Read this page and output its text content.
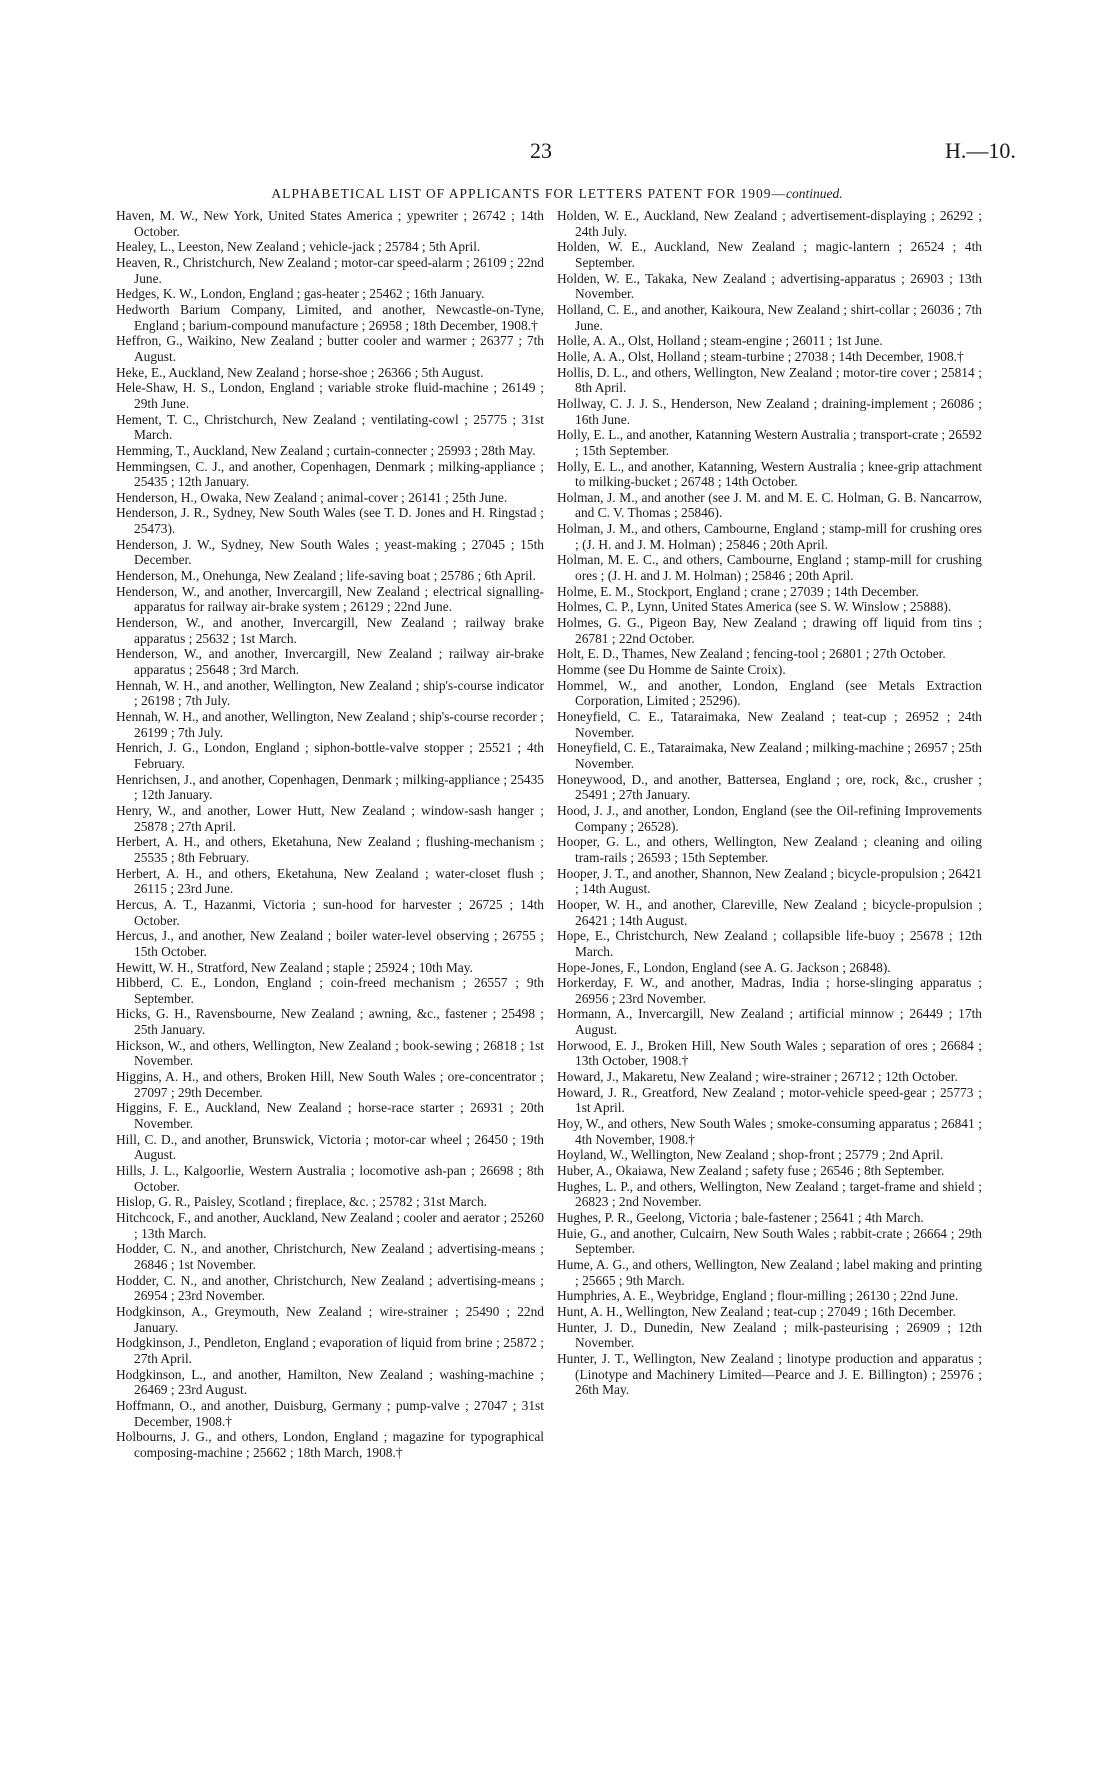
23	H.—10.
ALPHABETICAL LIST OF APPLICANTS FOR LETTERS PATENT FOR 1909—continued.

Haven, M. W., New York, United States America ; ypewriter ; 26742 ; 14th October.

Healey, L., Leeston, New Zealand ; vehicle-jack ; 25784 ; 5th April.

Heaven, R., Christchurch, New Zealand ; motor-car speed-alarm ; 26109 ; 22nd June.

Hedges, K. W., London, England ; gas-heater ; 25462 ; 16th January.

Hedworth Barium Company, Limited, and another, Newcastle-on-Tyne, England ; barium-compound manufacture ; 26958 ; 18th December, 1908.†

Heffron, G., Waikino, New Zealand ; butter cooler and warmer ; 26377 ; 7th August.

Heke, E., Auckland, New Zealand ; horse-shoe ; 26366 ; 5th August.

Hele-Shaw, H. S., London, England ; variable stroke fluid-machine ; 26149 ; 29th June.

Hement, T. C., Christchurch, New Zealand ; ventilating-cowl ; 25775 ; 31st March.

Hemming, T., Auckland, New Zealand ; curtain-connecter ; 25993 ; 28th May.

Hemmingsen, C. J., and another, Copenhagen, Denmark ; milking-appliance ; 25435 ; 12th January.

Henderson, H., Owaka, New Zealand ; animal-cover ; 26141 ; 25th June.

Henderson, J. R., Sydney, New South Wales (see T. D. Jones and H. Ringstad ; 25473).

Henderson, J. W., Sydney, New South Wales ; yeast-making ; 27045 ; 15th December.

Henderson, M., Onehunga, New Zealand ; life-saving boat ; 25786 ; 6th April.

Henderson, W., and another, Invercargill, New Zealand ; electrical signalling-apparatus for railway air-brake system ; 26129 ; 22nd June.

Henderson, W., and another, Invercargill, New Zealand ; railway brake apparatus ; 25632 ; 1st March.

Henderson, W., and another, Invercargill, New Zealand ; railway air-brake apparatus ; 25648 ; 3rd March.

Hennah, W. H., and another, Wellington, New Zealand ; ship's-course indicator ; 26198 ; 7th July.

Hennah, W. H., and another, Wellington, New Zealand ; ship's-course recorder ; 26199 ; 7th July.

Henrich, J. G., London, England ; siphon-bottle-valve stopper ; 25521 ; 4th February.

Henrichsen, J., and another, Copenhagen, Denmark ; milking-appliance ; 25435 ; 12th January.

Henry, W., and another, Lower Hutt, New Zealand ; window-sash hanger ; 25878 ; 27th April.

Herbert, A. H., and others, Eketahuna, New Zealand ; flushing-mechanism ; 25535 ; 8th February.

Herbert, A. H., and others, Eketahuna, New Zealand ; water-closet flush ; 26115 ; 23rd June.

Hercus, A. T., Hazanmi, Victoria ; sun-hood for harvester ; 26725 ; 14th October.

Hercus, J., and another, New Zealand ; boiler water-level observing ; 26755 ; 15th October.

Hewitt, W. H., Stratford, New Zealand ; staple ; 25924 ; 10th May.

Hibberd, C. E., London, England ; coin-freed mechanism ; 26557 ; 9th September.

Hicks, G. H., Ravensbourne, New Zealand ; awning, &c., fastener ; 25498 ; 25th January.

Hickson, W., and others, Wellington, New Zealand ; book-sewing ; 26818 ; 1st November.

Higgins, A. H., and others, Broken Hill, New South Wales ; ore-concentrator ; 27097 ; 29th December.

Higgins, F. E., Auckland, New Zealand ; horse-race starter ; 26931 ; 20th November.

Hill, C. D., and another, Brunswick, Victoria ; motor-car wheel ; 26450 ; 19th August.

Hills, J. L., Kalgoorlie, Western Australia ; locomotive ash-pan ; 26698 ; 8th October.

Hislop, G. R., Paisley, Scotland ; fireplace, &c. ; 25782 ; 31st March.

Hitchcock, F., and another, Auckland, New Zealand ; cooler and aerator ; 25260 ; 13th March.

Hodder, C. N., and another, Christchurch, New Zealand ; advertising-means ; 26846 ; 1st November.

Hodder, C. N., and another, Christchurch, New Zealand ; advertising-means ; 26954 ; 23rd November.

Hodgkinson, A., Greymouth, New Zealand ; wire-strainer ; 25490 ; 22nd January.

Hodgkinson, J., Pendleton, England ; evaporation of liquid from brine ; 25872 ; 27th April.

Hodgkinson, L., and another, Hamilton, New Zealand ; washing-machine ; 26469 ; 23rd August.

Hoffmann, O., and another, Duisburg, Germany ; pump-valve ; 27047 ; 31st December, 1908.†

Holbourns, J. G., and others, London, England ; magazine for typographical composing-machine ; 25662 ; 18th March, 1908.†

Holden, W. E., Auckland, New Zealand ; advertisement-displaying ; 26292 ; 24th July.

Holden, W. E., Auckland, New Zealand ; magic-lantern ; 26524 ; 4th September.

Holden, W. E., Takaka, New Zealand ; advertising-apparatus ; 26903 ; 13th November.

Holland, C. E., and another, Kaikoura, New Zealand ; shirt-collar ; 26036 ; 7th June.

Holle, A. A., Olst, Holland ; steam-engine ; 26011 ; 1st June.

Holle, A. A., Olst, Holland ; steam-turbine ; 27038 ; 14th December, 1908.†

Hollis, D. L., and others, Wellington, New Zealand ; motor-tire cover ; 25814 ; 8th April.

Hollway, C. J. J. S., Henderson, New Zealand ; draining-implement ; 26086 ; 16th June.

Holly, E. L., and another, Katanning Western Australia ; transport-crate ; 26592 ; 15th September.

Holly, E. L., and another, Katanning, Western Australia ; knee-grip attachment to milking-bucket ; 26748 ; 14th October.

Holman, J. M., and another (see J. M. and M. E. C. Holman, G. B. Nancarrow, and C. V. Thomas ; 25846).

Holman, J. M., and others, Cambourne, England ; stamp-mill for crushing ores ; (J. H. and J. M. Holman) ; 25846 ; 20th April.

Holman, M. E. C., and others, Cambourne, England ; stamp-mill for crushing ores ; (J. H. and J. M. Holman) ; 25846 ; 20th April.

Holme, E. M., Stockport, England ; crane ; 27039 ; 14th December.

Holmes, C. P., Lynn, United States America (see S. W. Winslow ; 25888).

Holmes, G. G., Pigeon Bay, New Zealand ; drawing off liquid from tins ; 26781 ; 22nd October.

Holt, E. D., Thames, New Zealand ; fencing-tool ; 26801 ; 27th October.

Homme (see Du Homme de Sainte Croix).

Hommel, W., and another, London, England (see Metals Extraction Corporation, Limited ; 25296).

Honeyfield, C. E., Tataraimaka, New Zealand ; teat-cup ; 26952 ; 24th November.

Honeyfield, C. E., Tataraimaka, New Zealand ; milking-machine ; 26957 ; 25th November.

Honeywood, D., and another, Battersea, England ; ore, rock, &c., crusher ; 25491 ; 27th January.

Hood, J. J., and another, London, England (see the Oil-refining Improvements Company ; 26528).

Hooper, G. L., and others, Wellington, New Zealand ; cleaning and oiling tram-rails ; 26593 ; 15th September.

Hooper, J. T., and another, Shannon, New Zealand ; bicycle-propulsion ; 26421 ; 14th August.

Hooper, W. H., and another, Clareville, New Zealand ; bicycle-propulsion ; 26421 ; 14th August.

Hope, E., Christchurch, New Zealand ; collapsible life-buoy ; 25678 ; 12th March.

Hope-Jones, F., London, England (see A. G. Jackson ; 26848).

Horkerday, F. W., and another, Madras, India ; horse-slinging apparatus ; 26956 ; 23rd November.

Hormann, A., Invercargill, New Zealand ; artificial minnow ; 26449 ; 17th August.

Horwood, E. J., Broken Hill, New South Wales ; separation of ores ; 26684 ; 13th October, 1908.†

Howard, J., Makaretu, New Zealand ; wire-strainer ; 26712 ; 12th October.

Howard, J. R., Greatford, New Zealand ; motor-vehicle speed-gear ; 25773 ; 1st April.

Hoy, W., and others, New South Wales ; smoke-consuming apparatus ; 26841 ; 4th November, 1908.†

Hoyland, W., Wellington, New Zealand ; shop-front ; 25779 ; 2nd April.

Huber, A., Okaiawa, New Zealand ; safety fuse ; 26546 ; 8th September.

Hughes, L. P., and others, Wellington, New Zealand ; target-frame and shield ; 26823 ; 2nd November.

Hughes, P. R., Geelong, Victoria ; bale-fastener ; 25641 ; 4th March.

Huie, G., and another, Culcairn, New South Wales ; rabbit-crate ; 26664 ; 29th September.

Hume, A. G., and others, Wellington, New Zealand ; label making and printing ; 25665 ; 9th March.

Humphries, A. E., Weybridge, England ; flour-milling ; 26130 ; 22nd June.

Hunt, A. H., Wellington, New Zealand ; teat-cup ; 27049 ; 16th December.

Hunter, J. D., Dunedin, New Zealand ; milk-pasteurising ; 26909 ; 12th November.

Hunter, J. T., Wellington, New Zealand ; linotype production and apparatus ; (Linotype and Machinery Limited—Pearce and J. E. Billington) ; 25976 ; 26th May.
